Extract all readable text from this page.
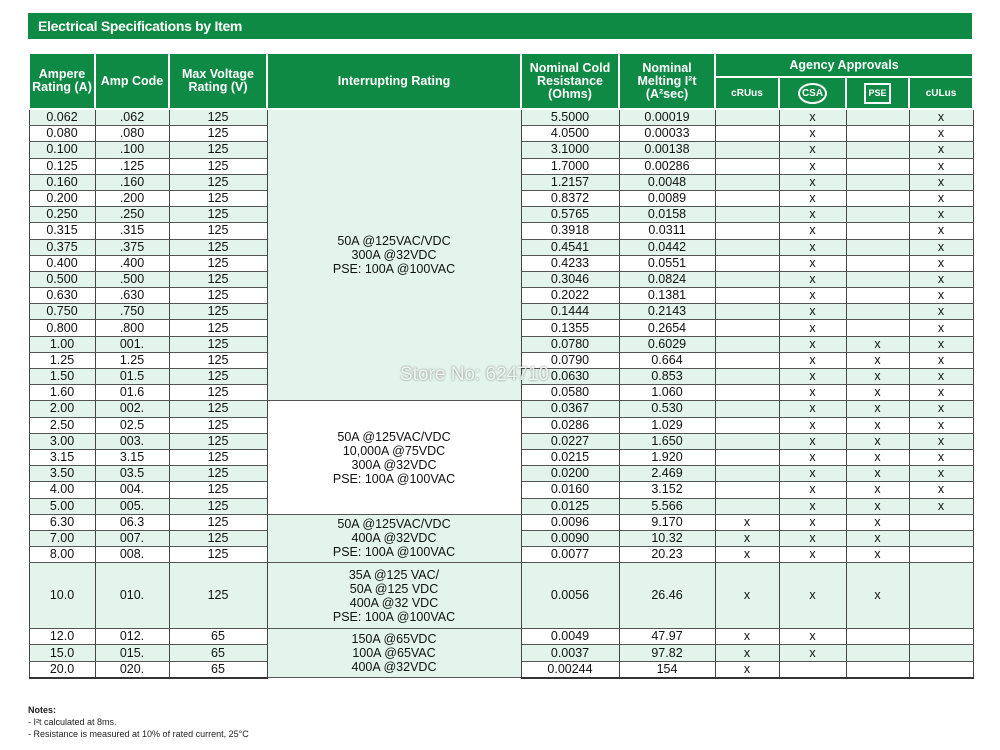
Electrical Specifications by Item
Ampere Rating (A)	Amp Code	Max Voltage Rating (V)	Interrupting Rating	Nominal Cold Resistance (Ohms)	Nominal Melting I²t (A²sec)	Agency Approvals			
						cRUus	CSA	PSE	cULus
0.062	.062	125	50A @125VAC/VDC
300A @32VDC
PSE: 100A @100VAC	5.5000	0.00019		x		x
0.080	.080	125		4.0500	0.00033		x		x
0.100	.100	125		3.1000	0.00138		x		x
0.125	.125	125		1.7000	0.00286		x		x
0.160	.160	125		1.2157	0.0048		x		x
0.200	.200	125		0.8372	0.0089		x		x
0.250	.250	125		0.5765	0.0158		x		x
0.315	.315	125		0.3918	0.0311		x		x
0.375	.375	125		0.4541	0.0442		x		x
0.400	.400	125		0.4233	0.0551		x		x
0.500	.500	125		0.3046	0.0824		x		x
0.630	.630	125		0.2022	0.1381		x		x
0.750	.750	125		0.1444	0.2143		x		x
0.800	.800	125		0.1355	0.2654		x		x
1.00	001.	125		0.0780	0.6029		x	x	x
1.25	1.25	125		0.0790	0.664		x	x	x
1.50	01.5	125		0.0630	0.853		x	x	x
1.60	01.6	125		0.0580	1.060		x	x	x
2.00	002.	125	50A @125VAC/VDC
10,000A @75VDC
300A @32VDC
PSE: 100A @100VAC	0.0367	0.530		x	x	x
2.50	02.5	125		0.0286	1.029		x	x	x
3.00	003.	125		0.0227	1.650		x	x	x
3.15	3.15	125		0.0215	1.920		x	x	x
3.50	03.5	125		0.0200	2.469		x	x	x
4.00	004.	125		0.0160	3.152		x	x	x
5.00	005.	125		0.0125	5.566		x	x	x
6.30	06.3	125	50A @125VAC/VDC
400A @32VDC
PSE: 100A @100VAC	0.0096	9.170	x	x	x	
7.00	007.	125		0.0090	10.32	x	x	x	
8.00	008.	125		0.0077	20.23	x	x	x	
10.0	010.	125	35A @125 VAC/
50A @125 VDC
400A @32 VDC
PSE: 100A @100VAC	0.0056	26.46	x	x	x	
12.0	012.	65	150A @65VDC
100A @65VAC
400A @32VDC	0.0049	47.97	x	x		
15.0	015.	65		0.0037	97.82	x	x		
20.0	020.	65		0.00244	154	x			
Store No: 624710
Notes:
- I²t calculated at 8ms.
- Resistance is measured at 10% of rated current, 25°C
